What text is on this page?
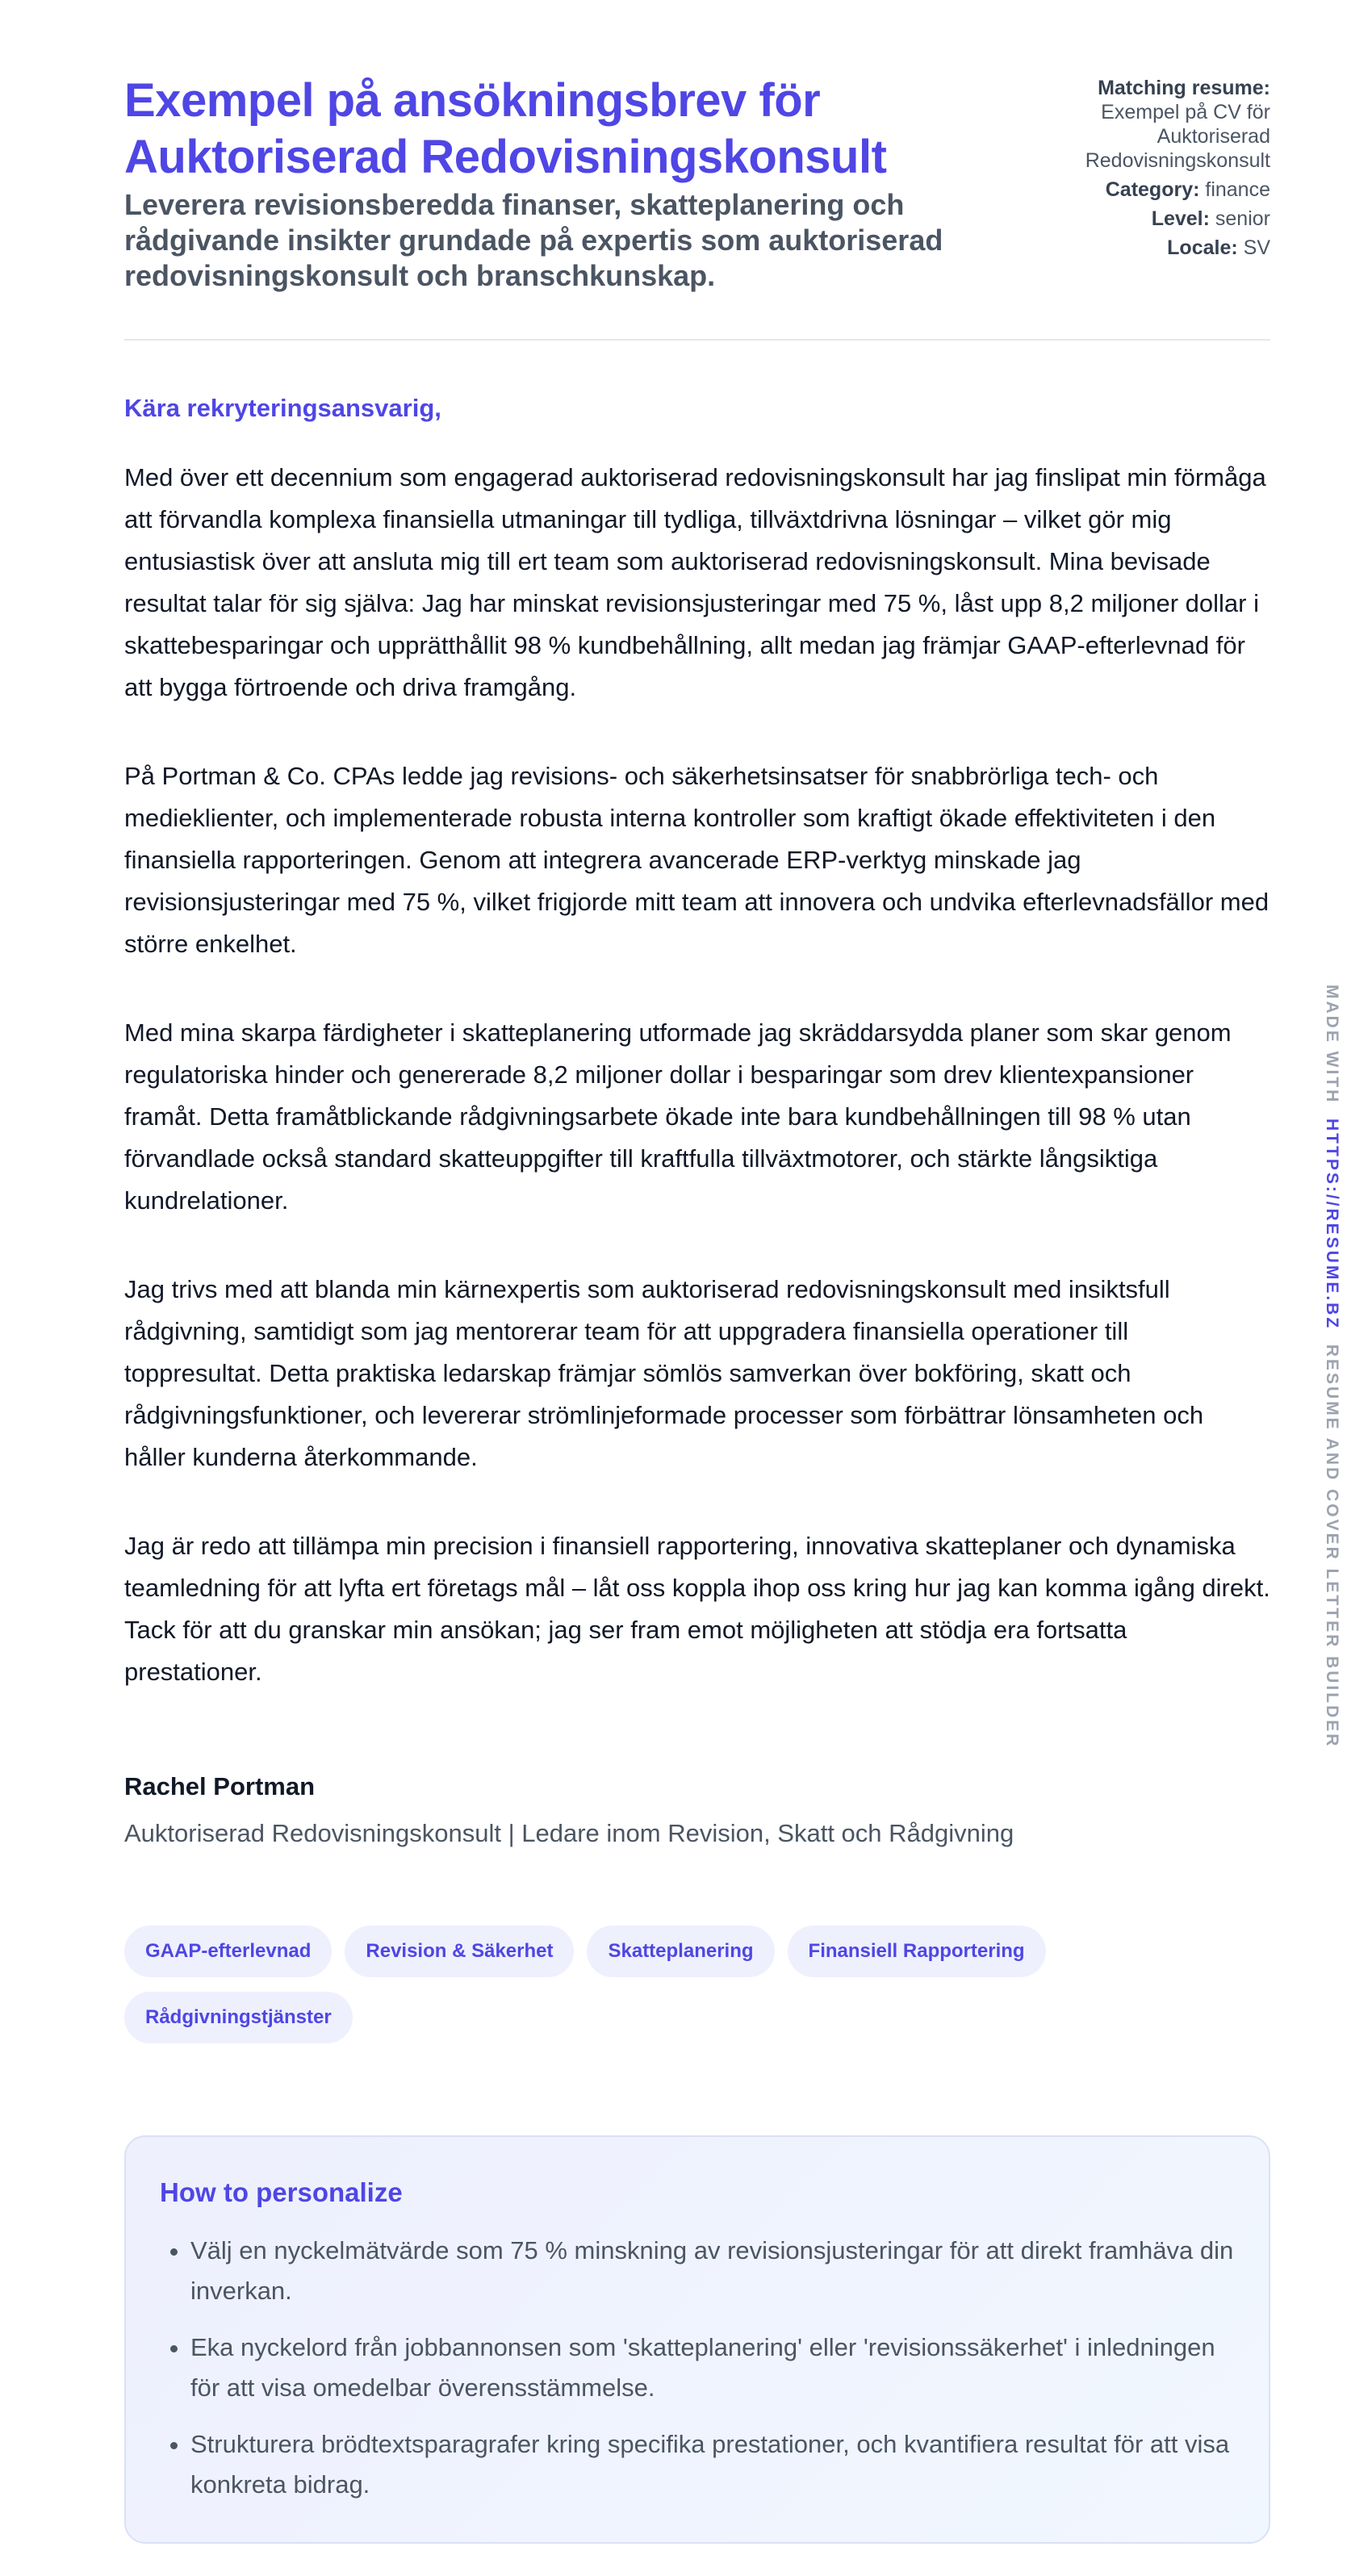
Exempel på ansökningsbrev för Auktoriserad Redovisningskonsult

Leverera revisionsberedda finanser, skatteplanering och rådgivande insikter grundade på expertis som auktoriserad redovisningskonsult och branschkunskap.

Matching resume:
Exempel på CV för Auktoriserad Redovisningskonsult
Category: finance
Level: senior
Locale: SV

Kära rekryteringsansvarig,

Med över ett decennium som engagerad auktoriserad redovisningskonsult har jag finslipat min förmåga att förvandla komplexa finansiella utmaningar till tydliga, tillväxtdrivna lösningar – vilket gör mig entusiastisk över att ansluta mig till ert team som auktoriserad redovisningskonsult. Mina bevisade resultat talar för sig själva: Jag har minskat revisionsjusteringar med 75 %, låst upp 8,2 miljoner dollar i skattebesparingar och upprätthållit 98 % kundbehållning, allt medan jag främjar GAAP-efterlevnad för att bygga förtroende och driva framgång.

På Portman & Co. CPAs ledde jag revisions- och säkerhetsinsatser för snabbrörliga tech- och medieklienter, och implementerade robusta interna kontroller som kraftigt ökade effektiviteten i den finansiella rapporteringen. Genom att integrera avancerade ERP-verktyg minskade jag revisionsjusteringar med 75 %, vilket frigjorde mitt team att innovera och undvika efterlevnadsfällor med större enkelhet.

Med mina skarpa färdigheter i skatteplanering utformade jag skräddarsydda planer som skar genom regulatoriska hinder och genererade 8,2 miljoner dollar i besparingar som drev klientexpansioner framåt. Detta framåtblickande rådgivningsarbete ökade inte bara kundbehållningen till 98 % utan förvandlade också standard skatteuppgifter till kraftfulla tillväxtmotorer, och stärkte långsiktiga kundrelationer.

Jag trivs med att blanda min kärnexpertis som auktoriserad redovisningskonsult med insiktsfull rådgivning, samtidigt som jag mentorerar team för att uppgradera finansiella operationer till toppresultat. Detta praktiska ledarskap främjar sömlös samverkan över bokföring, skatt och rådgivningsfunktioner, och levererar strömlinjeformade processer som förbättrar lönsamheten och håller kunderna återkommande.

Jag är redo att tillämpa min precision i finansiell rapportering, innovativa skatteplaner och dynamiska teamledning för att lyfta ert företags mål – låt oss koppla ihop oss kring hur jag kan komma igång direkt. Tack för att du granskar min ansökan; jag ser fram emot möjligheten att stödja era fortsatta prestationer.

Rachel Portman

Auktoriserad Redovisningskonsult | Ledare inom Revision, Skatt och Rådgivning

GAAP-efterlevnad	Revision & Säkerhet	Skatteplanering	Finansiell Rapportering
Rådgivningstjänster
How to personalize
• Välj en nyckelmätvärde som 75 % minskning av revisionsjusteringar för att direkt framhäva din inverkan.
• Eka nyckelord från jobbannonsen som 'skatteplanering' eller 'revisionssäkerhet' i inledningen för att visa omedelbar överensstämmelse.
• Strukturera brödtextsparagrafer kring specifika prestationer, och kvantifiera resultat för att visa konkreta bidrag.
MADE WITH  HTTPS://RESUME.BZ  RESUME AND COVER LETTER BUILDER
